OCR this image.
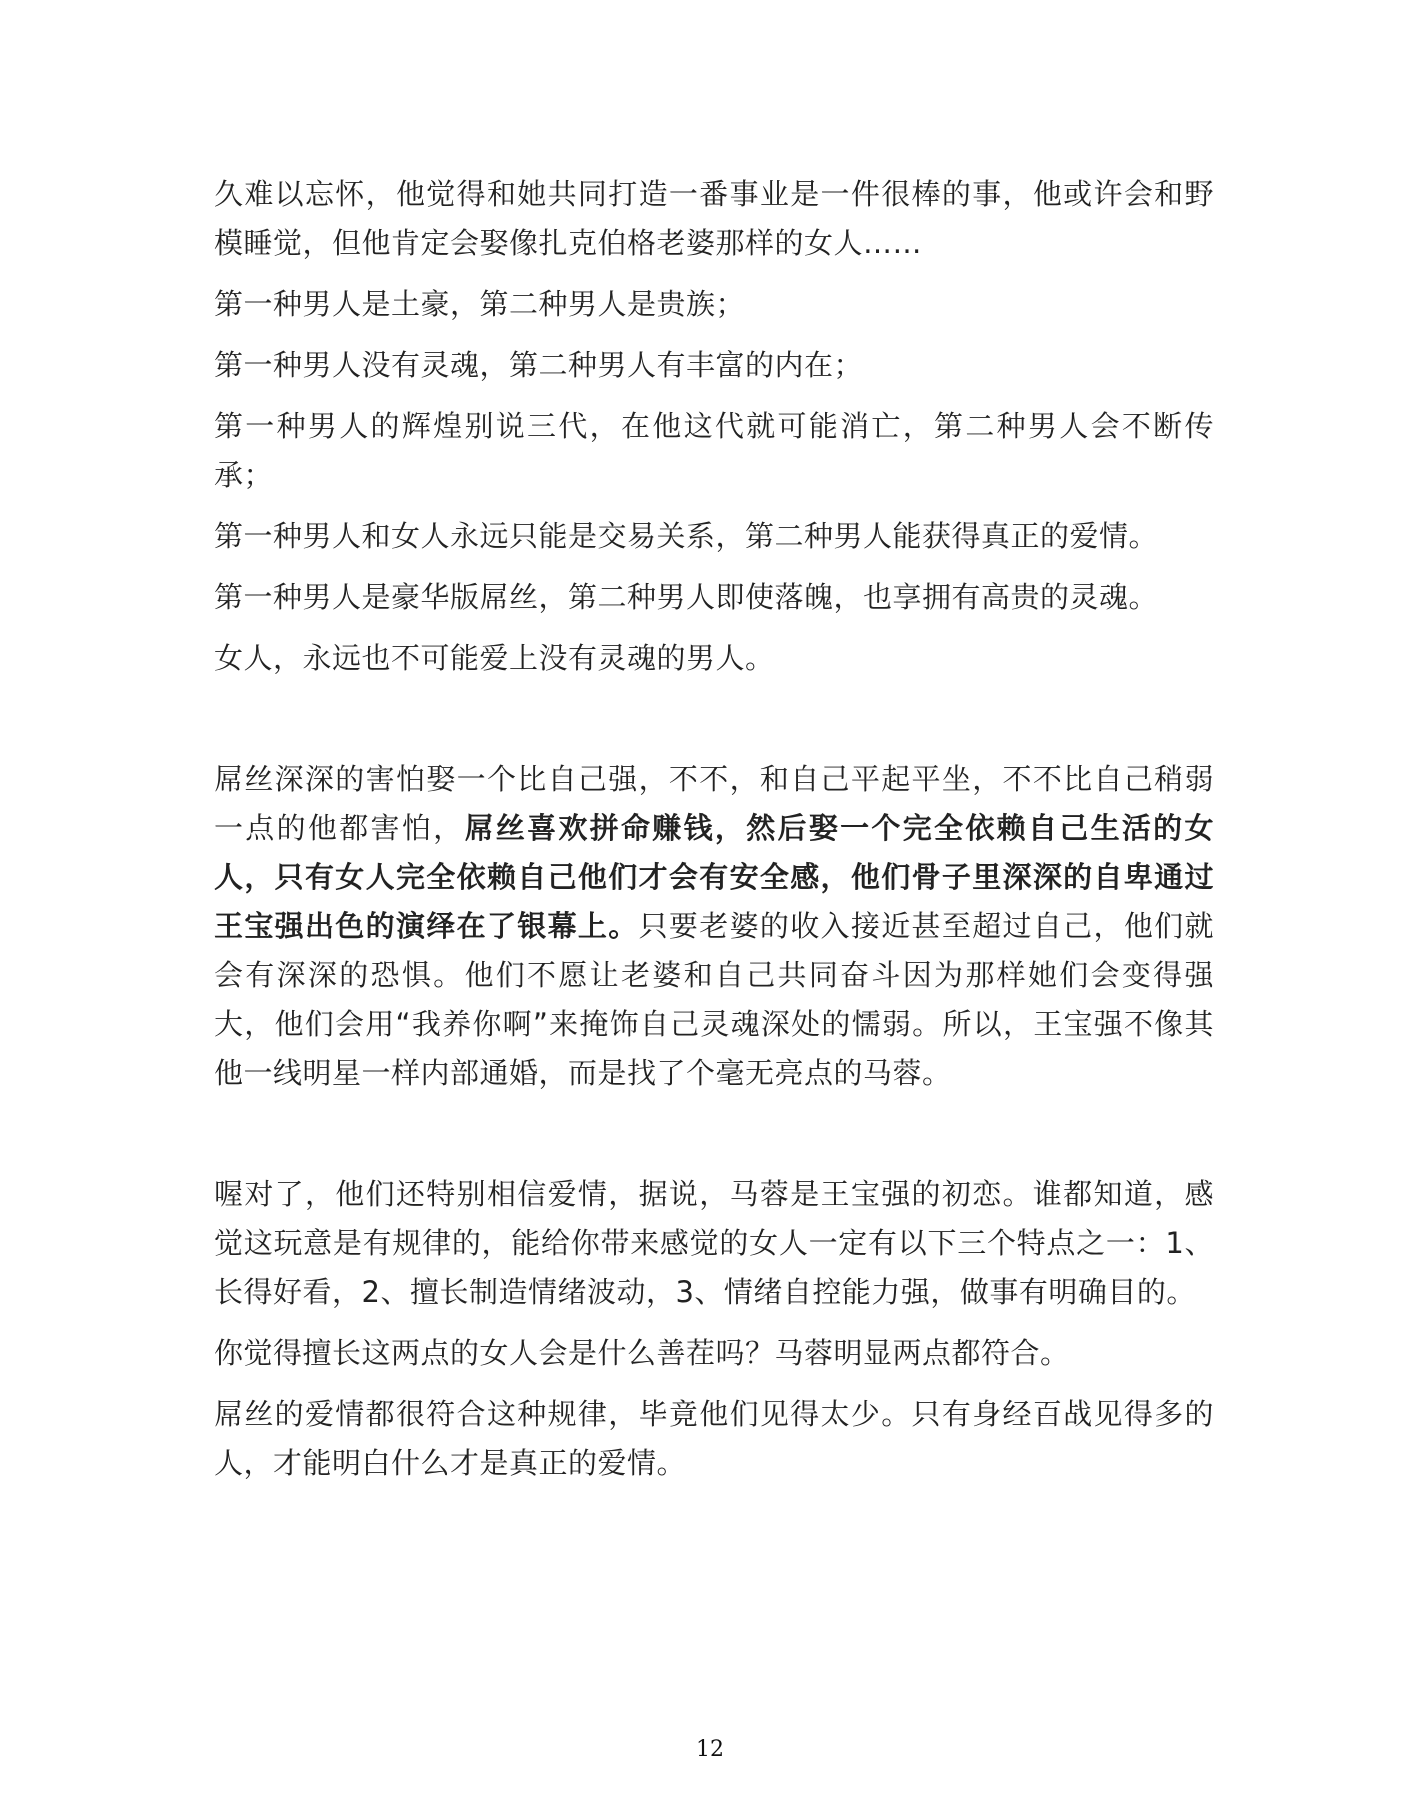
久难以忘怀，他觉得和她共同打造一番事业是一件很棒的事，他或许会和野模睡觉，但他肯定会娶像扎克伯格老婆那样的女人……

第一种男人是土豪，第二种男人是贵族；

第一种男人没有灵魂，第二种男人有丰富的内在；

第一种男人的辉煌别说三代，在他这代就可能消亡，第二种男人会不断传承；

第一种男人和女人永远只能是交易关系，第二种男人能获得真正的爱情。

第一种男人是豪华版屌丝，第二种男人即使落魄，也享拥有高贵的灵魂。

女人，永远也不可能爱上没有灵魂的男人。

屌丝深深的害怕娶一个比自己强，不不，和自己平起平坐，不不比自己稍弱一点的他都害怕，屌丝喜欢拼命赚钱，然后娶一个完全依赖自己生活的女人，只有女人完全依赖自己他们才会有安全感，他们骨子里深深的自卑通过王宝强出色的演绎在了银幕上。只要老婆的收入接近甚至超过自己，他们就会有深深的恐惧。他们不愿让老婆和自己共同奋斗因为那样她们会变得强大，他们会用“我养你啊”来掩饰自己灵魂深处的懦弱。所以，王宝强不像其他一线明星一样内部通婚，而是找了个毫无亮点的马蓉。

喔对了，他们还特别相信爱情，据说，马蓉是王宝强的初恋。谁都知道，感觉这玩意是有规律的，能给你带来感觉的女人一定有以下三个特点之一：1、长得好看，2、擅长制造情绪波动，3、情绪自控能力强，做事有明确目的。

你觉得擅长这两点的女人会是什么善茬吗？马蓉明显两点都符合。

屌丝的爱情都很符合这种规律，毕竟他们见得太少。只有身经百战见得多的人，才能明白什么才是真正的爱情。

12
